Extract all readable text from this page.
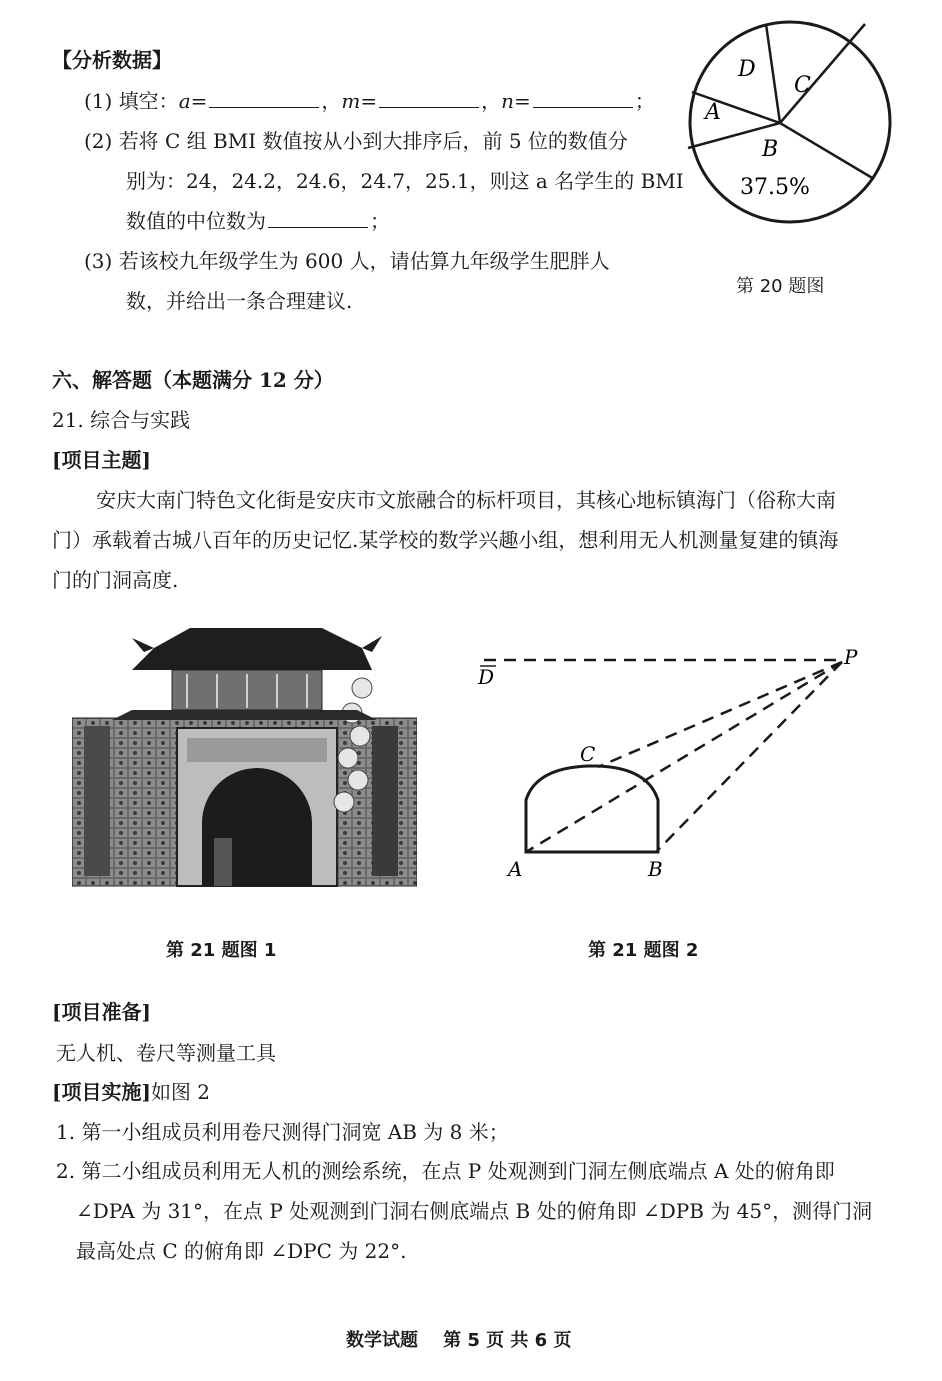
【分析数据】
(1) 填空：a=	，m=	，n=	；
(2) 若将 C 组 BMI 数值按从小到大排序后，前 5 位的数值分
别为：24，24.2，24.6，24.7，25.1，则这 a 名学生的 BMI
数值的中位数为	；
(3) 若该校九年级学生为 600 人，请估算九年级学生肥胖人
数，并给出一条合理建议.
D
C
A
B
37.5%
第 20 题图
六、解答题（本题满分 12 分）
21. 综合与实践
[项目主题]
安庆大南门特色文化街是安庆市文旅融合的标杆项目，其核心地标镇海门（俗称大南
门）承载着古城八百年的历史记忆.某学校的数学兴趣小组，想利用无人机测量复建的镇海
门的门洞高度.
D
P
C
A	B
第 21 题图 1	第 21 题图 2
[项目准备]
无人机、卷尺等测量工具
[项目实施]如图 2
1. 第一小组成员利用卷尺测得门洞宽 AB 为 8 米；
2. 第二小组成员利用无人机的测绘系统，在点 P 处观测到门洞左侧底端点 A 处的俯角即
∠DPA 为 31°，在点 P 处观测到门洞右侧底端点 B 处的俯角即 ∠DPB 为 45°，测得门洞
最高处点 C 的俯角即 ∠DPC 为 22°.
数学试题    第 5 页 共 6 页
